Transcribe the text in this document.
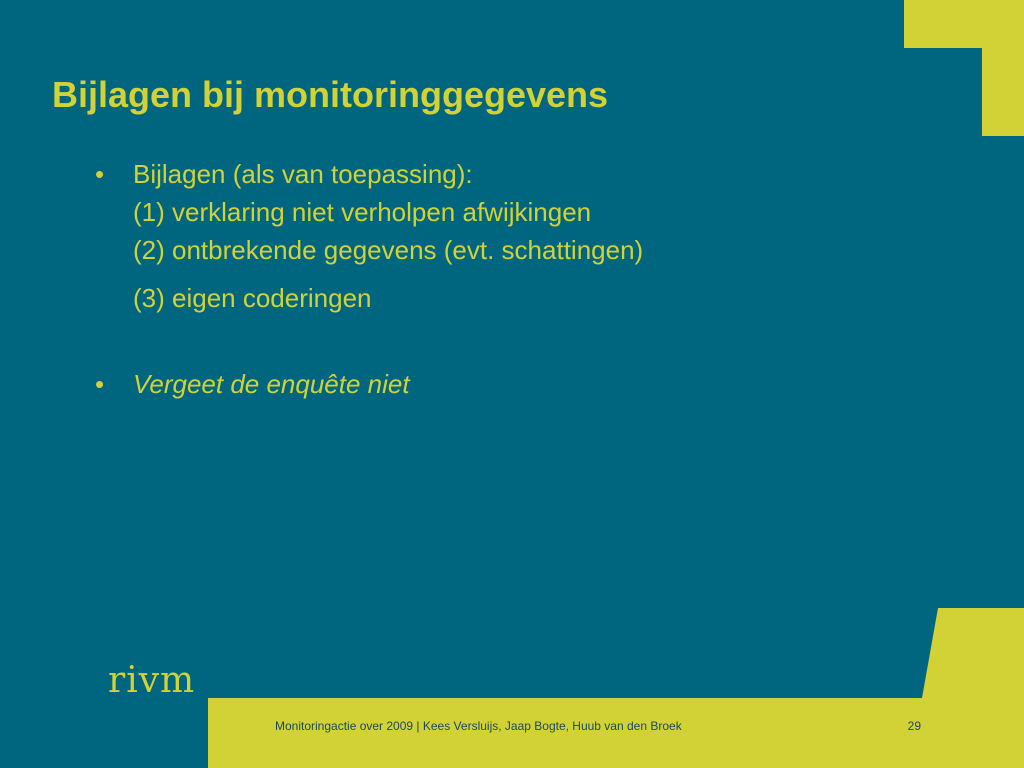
Bijlagen bij monitoringgegevens
• Bijlagen (als van toepassing):
(1) verklaring niet verholpen afwijkingen
(2) ontbrekende gegevens (evt. schattingen)
(3) eigen coderingen
• Vergeet de enquête niet
rivm
Monitoringactie over 2009 | Kees Versluijs, Jaap Bogte, Huub van den Broek	29
